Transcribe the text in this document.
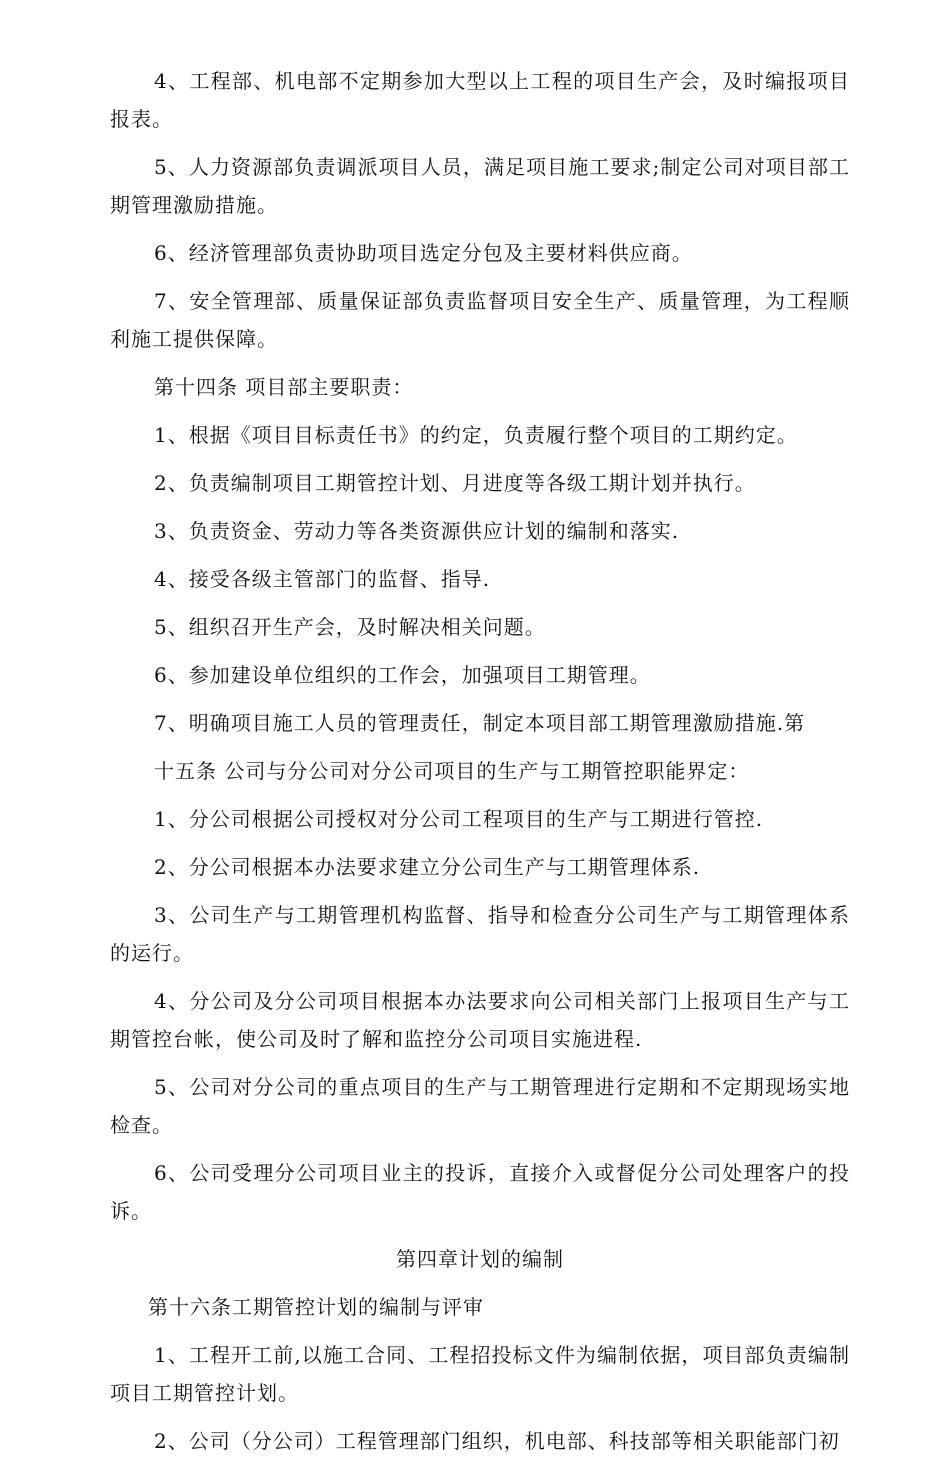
4、工程部、机电部不定期参加大型以上工程的项目生产会，及时编报项目报表。

5、人力资源部负责调派项目人员，满足项目施工要求;制定公司对项目部工期管理激励措施。

6、经济管理部负责协助项目选定分包及主要材料供应商。

7、安全管理部、质量保证部负责监督项目安全生产、质量管理，为工程顺利施工提供保障。

第十四条 项目部主要职责：

1、根据《项目目标责任书》的约定，负责履行整个项目的工期约定。

2、负责编制项目工期管控计划、月进度等各级工期计划并执行。

3、负责资金、劳动力等各类资源供应计划的编制和落实.

4、接受各级主管部门的监督、指导.

5、组织召开生产会，及时解决相关问题。

6、参加建设单位组织的工作会，加强项目工期管理。

7、明确项目施工人员的管理责任，制定本项目部工期管理激励措施.第

十五条 公司与分公司对分公司项目的生产与工期管控职能界定：

1、分公司根据公司授权对分公司工程项目的生产与工期进行管控.

2、分公司根据本办法要求建立分公司生产与工期管理体系.

3、公司生产与工期管理机构监督、指导和检查分公司生产与工期管理体系的运行。

4、分公司及分公司项目根据本办法要求向公司相关部门上报项目生产与工期管控台帐，使公司及时了解和监控分公司项目实施进程.

5、公司对分公司的重点项目的生产与工期管理进行定期和不定期现场实地检查。

6、公司受理分公司项目业主的投诉，直接介入或督促分公司处理客户的投诉。

第四章计划的编制

第十六条工期管控计划的编制与评审

1、工程开工前,以施工合同、工程招投标文件为编制依据，项目部负责编制项目工期管控计划。

2、公司（分公司）工程管理部门组织，机电部、科技部等相关职能部门初
